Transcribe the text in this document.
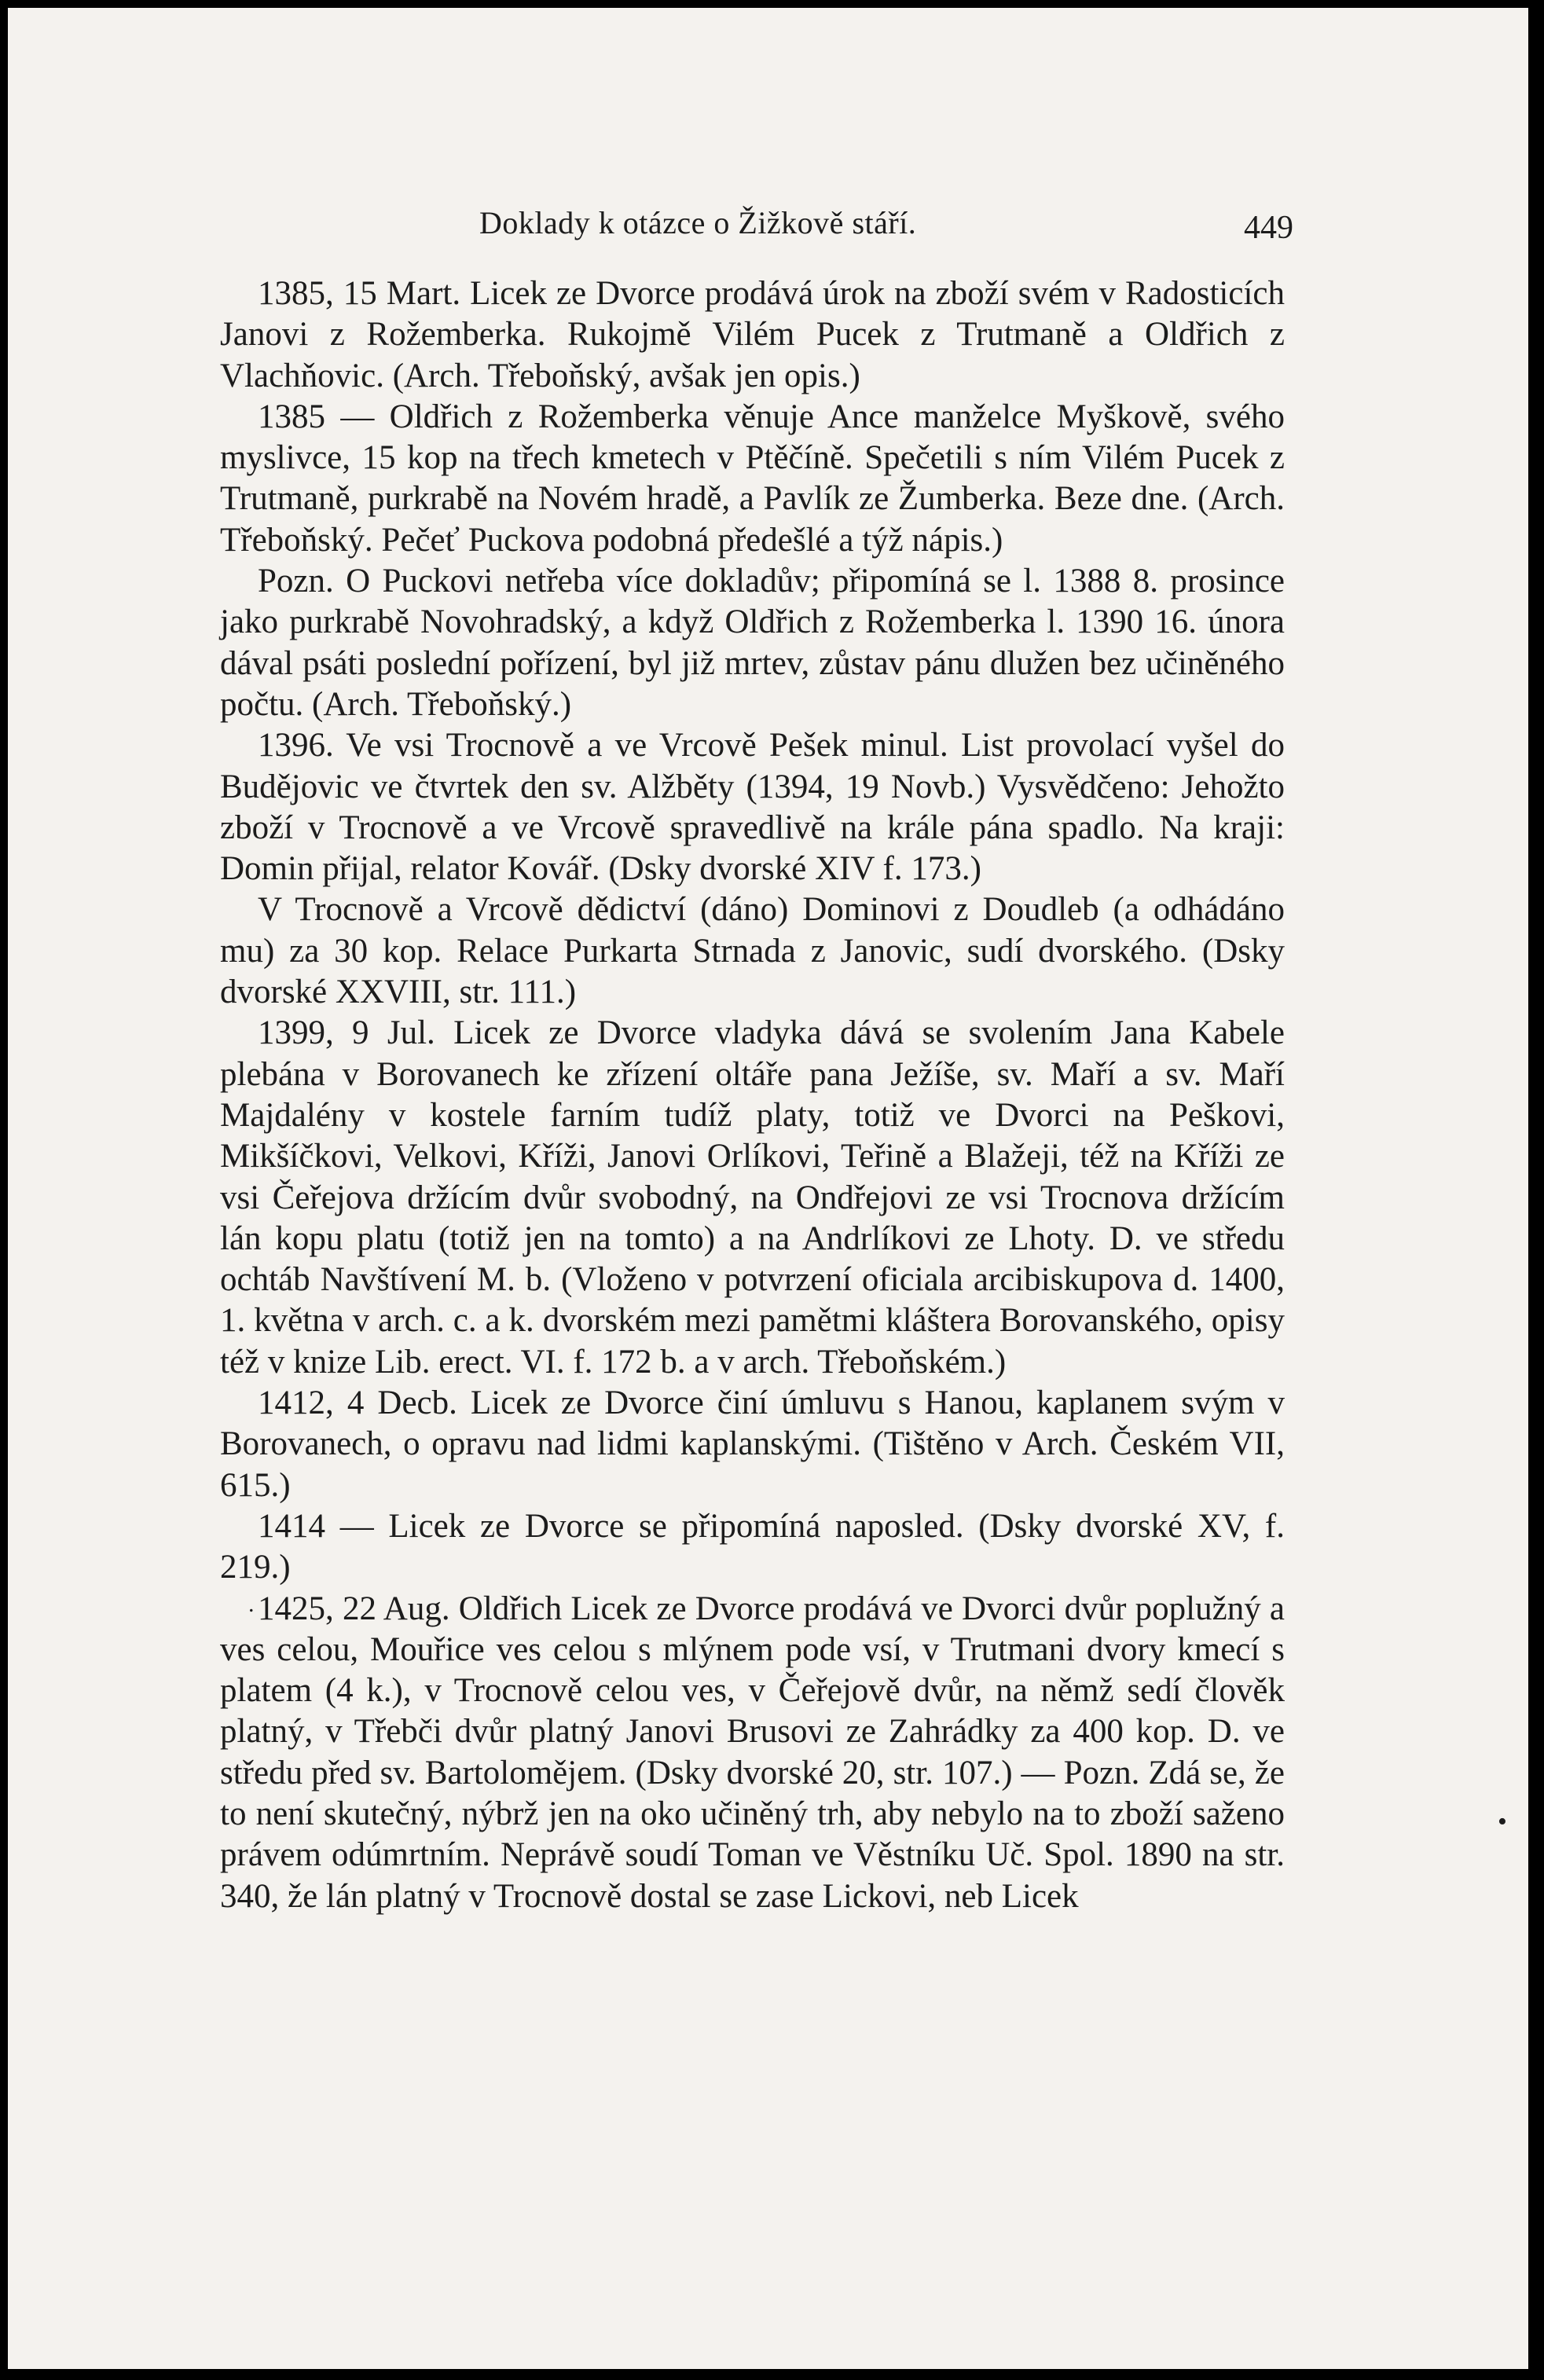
Doklady k otázce o Žižkově stáří.	449

1385, 15 Mart. Licek ze Dvorce prodává úrok na zboží svém v Radosticích Janovi z Rožemberka. Rukojmě Vilém Pucek z Trutmaně a Oldřich z Vlachňovic. (Arch. Třeboňský, avšak jen opis.)

1385 — Oldřich z Rožemberka věnuje Ance manželce Myškově, svého myslivce, 15 kop na třech kmetech v Ptěčíně. Spečetili s ním Vilém Pucek z Trutmaně, purkrabě na Novém hradě, a Pavlík ze Žumberka. Beze dne. (Arch. Třeboňský. Pečeť Puckova podobná předešlé a týž nápis.)

Pozn. O Puckovi netřeba více dokladův; připomíná se l. 1388 8. prosince jako purkrabě Novohradský, a když Oldřich z Rožemberka l. 1390 16. února dával psáti poslední pořízení, byl již mrtev, zůstav pánu dlužen bez učiněného počtu. (Arch. Třeboňský.)

1396. Ve vsi Trocnově a ve Vrcově Pešek minul. List provolací vyšel do Budějovic ve čtvrtek den sv. Alžběty (1394, 19 Novb.) Vysvědčeno: Jehožto zboží v Trocnově a ve Vrcově spravedlivě na krále pána spadlo. Na kraji: Domin přijal, relator Kovář. (Dsky dvorské XIV f. 173.)

V Trocnově a Vrcově dědictví (dáno) Dominovi z Doudleb (a odhádáno mu) za 30 kop. Relace Purkarta Strnada z Janovic, sudí dvorského. (Dsky dvorské XXVIII, str. 111.)

1399, 9 Jul. Licek ze Dvorce vladyka dává se svolením Jana Kabele plebána v Borovanech ke zřízení oltáře pana Ježíše, sv. Maří a sv. Maří Majdalény v kostele farním tudíž platy, totiž ve Dvorci na Peškovi, Mikšíčkovi, Velkovi, Kříži, Janovi Orlíkovi, Teřině a Blažeji, též na Kříži ze vsi Čeřejova držícím dvůr svobodný, na Ondřejovi ze vsi Trocnova držícím lán kopu platu (totiž jen na tomto) a na Andrlíkovi ze Lhoty. D. ve středu ochtáb Navštívení M. b. (Vloženo v potvrzení oficiala arcibiskupova d. 1400, 1. května v arch. c. a k. dvorském mezi pamětmi kláštera Borovanského, opisy též v knize Lib. erect. VI. f. 172 b. a v arch. Třeboňském.)

1412, 4 Decb. Licek ze Dvorce činí úmluvu s Hanou, kaplanem svým v Borovanech, o opravu nad lidmi kaplanskými. (Tištěno v Arch. Českém VII, 615.)

1414 — Licek ze Dvorce se připomíná naposled. (Dsky dvorské XV, f. 219.)

1425, 22 Aug. Oldřich Licek ze Dvorce prodává ve Dvorci dvůr poplužný a ves celou, Mouřice ves celou s mlýnem pode vsí, v Trutmani dvory kmecí s platem (4 k.), v Trocnově celou ves, v Čeřejově dvůr, na němž sedí člověk platný, v Třebči dvůr platný Janovi Brusovi ze Zahrádky za 400 kop. D. ve středu před sv. Bartolomějem. (Dsky dvorské 20, str. 107.) — Pozn. Zdá se, že to není skutečný, nýbrž jen na oko učiněný trh, aby nebylo na to zboží saženo právem odúmrtním. Neprávě soudí Toman ve Věstníku Uč. Spol. 1890 na str. 340, že lán platný v Trocnově dostal se zase Lickovi, neb Licek

.
•
